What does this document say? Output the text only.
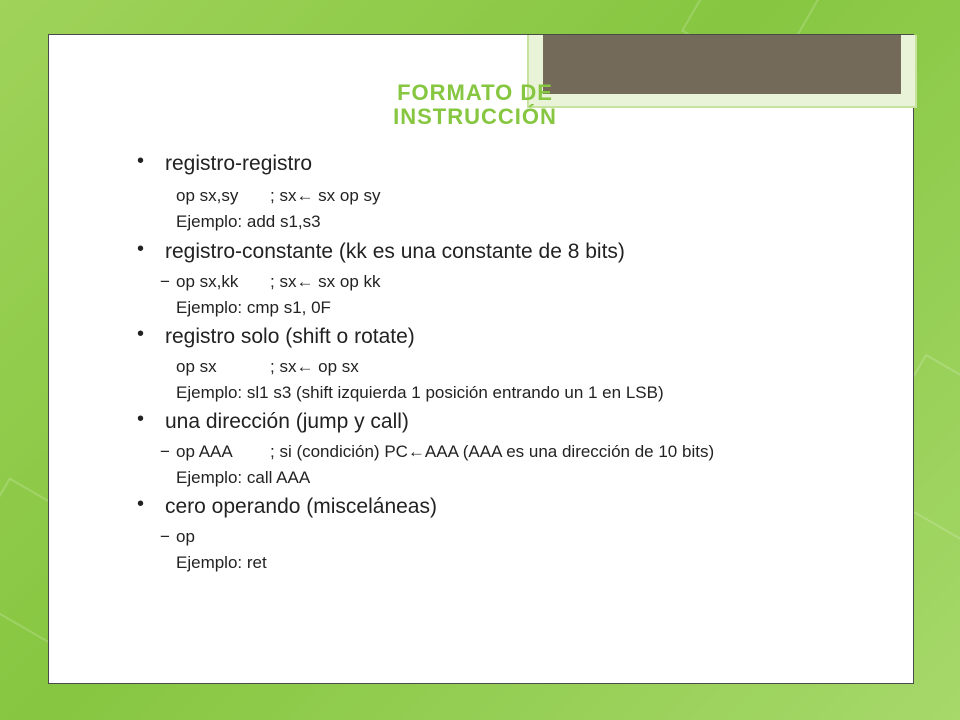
FORMATO DE
INSTRUCCIÓN
• registro-registro
op sx,sy ; sx← sx op sy
Ejemplo: add s1,s3
• registro-constante (kk es una constante de 8 bits)
− op sx,kk ; sx← sx op kk
Ejemplo: cmp s1, 0F
• registro solo (shift o rotate)
op sx	; sx← op sx
Ejemplo: sl1 s3 (shift izquierda 1 posición entrando un 1 en LSB)
• una dirección (jump y call)
− op AAA ; si (condición) PC←AAA (AAA es una dirección de 10 bits)
Ejemplo: call AAA
• cero operando (misceláneas)
− op
Ejemplo: ret
